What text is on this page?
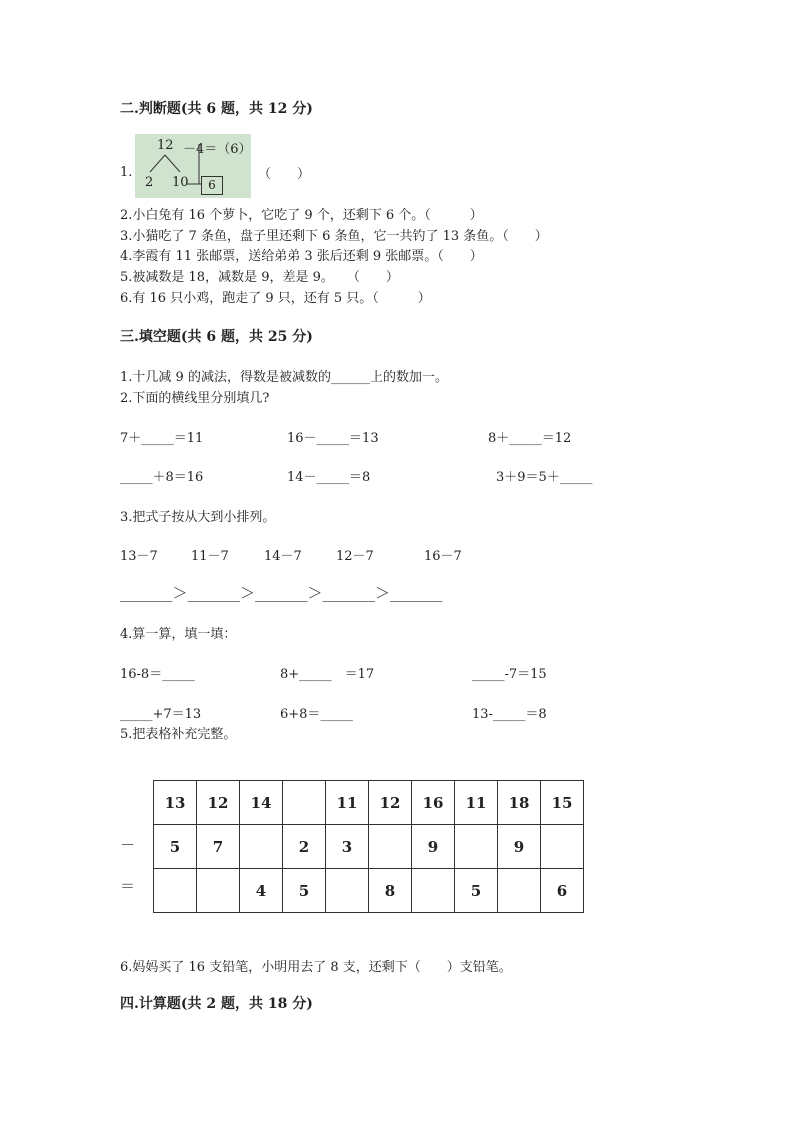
二.判断题(共 6 题，共 12 分)
1.
12 －4＝（6）
2 10	6
（　　）
2.小白兔有 16 个萝卜，它吃了 9 个，还剩下 6 个。（　　　）
3.小猫吃了 7 条鱼，盘子里还剩下 6 条鱼，它一共钓了 13 条鱼。（　　）
4.李霞有 11 张邮票，送给弟弟 3 张后还剩 9 张邮票。（　　）
5.被减数是 18，减数是 9，差是 9。　　（　　）
6.有 16 只小鸡，跑走了 9 只，还有 5 只。（　　　）
三.填空题(共 6 题，共 25 分)
1.十几减 9 的减法，得数是被减数的______上的数加一。
2.下面的横线里分别填几?
7＋_____＝11	16－_____＝13	8＋_____＝12
_____＋8＝16	14－_____＝8	3＋9＝5＋_____
3.把式子按从大到小排列。
13－7	11－7	14－7	12－7	16－7
_______＞_______＞_______＞_______＞_______
4.算一算，填一填：
16-8＝_____	8+_____　＝17	_____-7＝15
_____+7＝13	6+8＝_____	13-_____＝8
5.把表格补充完整。
－
＝
13	12	14		11	12	16	11	18	15
5	7		2	3		9		9	
		4	5		8		5		6
6.妈妈买了 16 支铅笔，小明用去了 8 支，还剩下（　　）支铅笔。
四.计算题(共 2 题，共 18 分)
